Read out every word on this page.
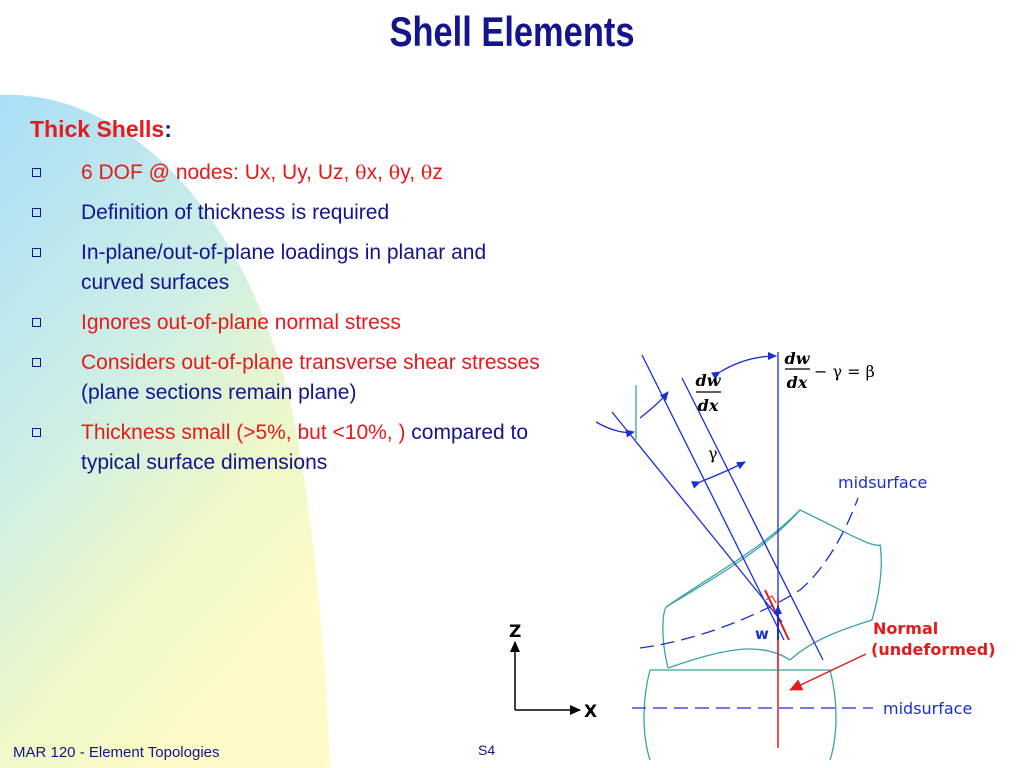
Shell Elements
Thick Shells:
6 DOF @ nodes: Ux, Uy, Uz, θx, θy, θz
Definition of thickness is required
In-plane/out-of-plane loadings in planar and curved surfaces
Ignores out-of-plane normal stress
Considers out-of-plane transverse shear stresses (plane sections remain plane)
Thickness small (>5%, but <10%, ) compared to typical surface dimensions
dw
dx
− γ = β
dw
dx
γ
midsurface
midsurface
Normal
(undeformed)
w
Z
X
MAR 120 - Element Topologies	S4
